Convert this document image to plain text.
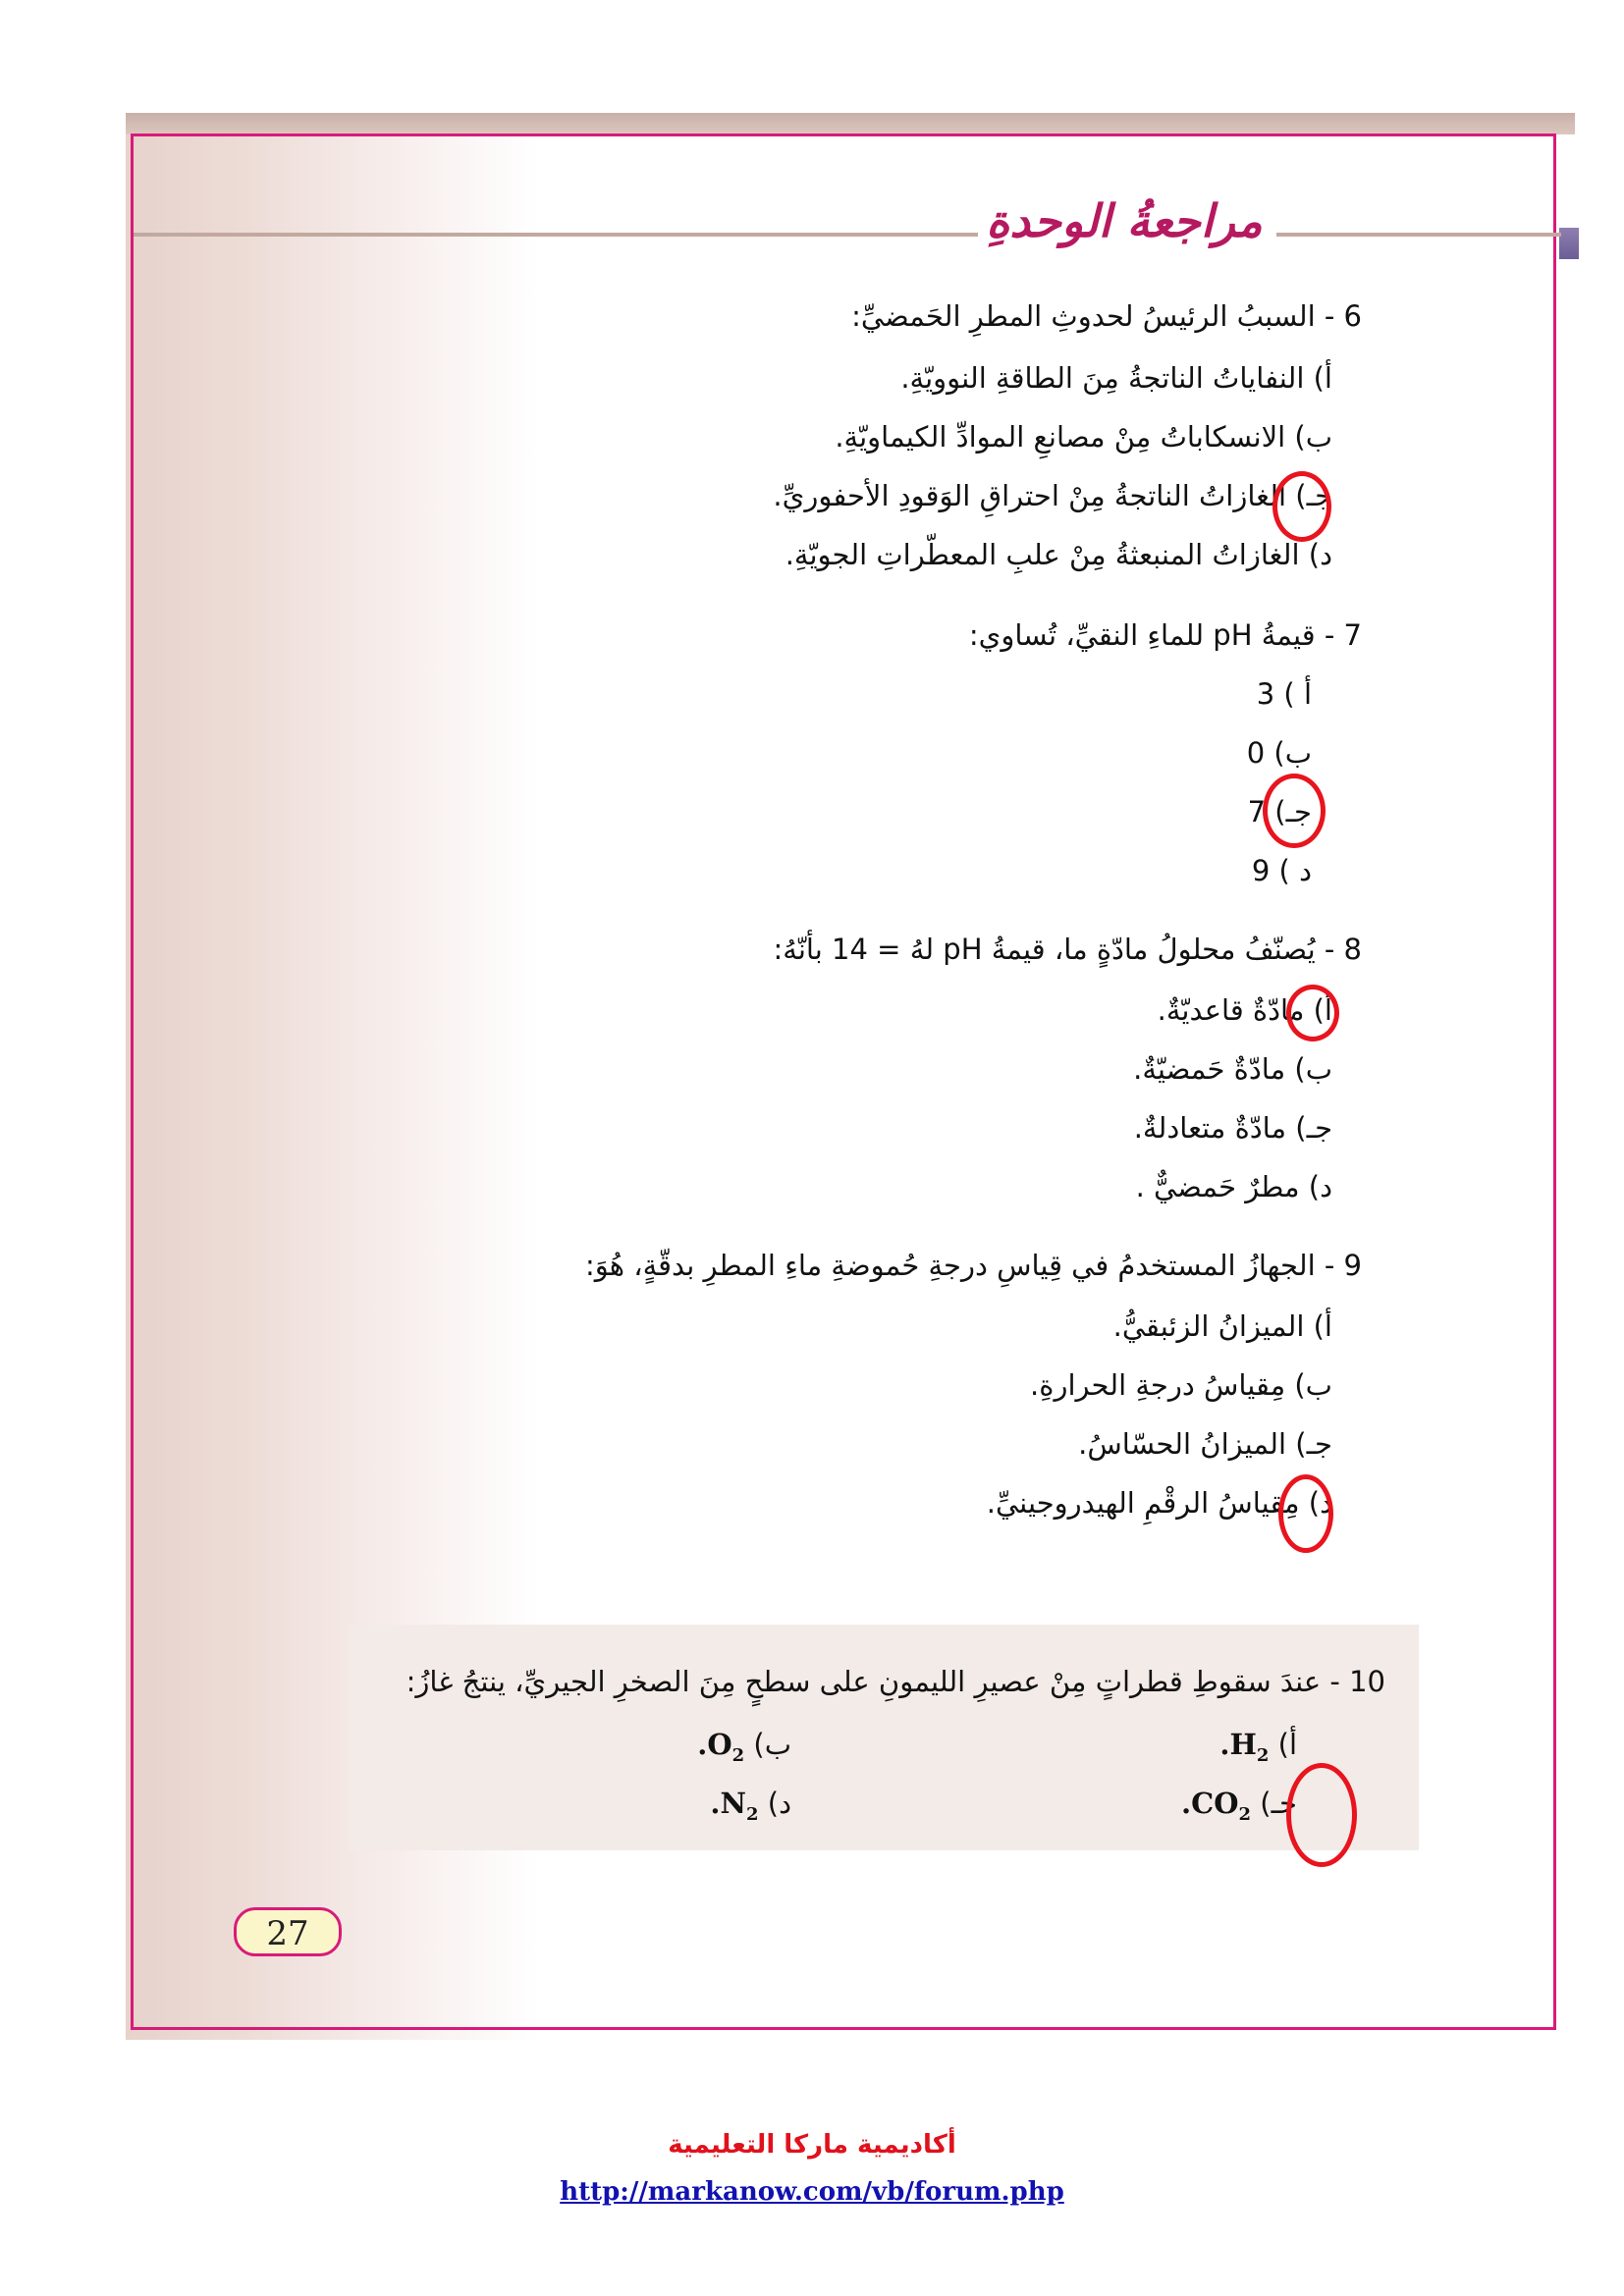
مراجعةُ الوحدةِ
6 - السببُ الرئيسُ لحدوثِ المطرِ الحَمضيِّ:
أ) النفاياتُ الناتجةُ مِنَ الطاقةِ النوويّةِ.
ب) الانسكاباتُ مِنْ مصانعِ الموادِّ الكيماويّةِ.
جـ) الغازاتُ الناتجةُ مِنْ احتراقِ الوَقودِ الأحفوريِّ.
د) الغازاتُ المنبعثةُ مِنْ علبِ المعطّراتِ الجويّةِ.
7 - قيمةُ pH للماءِ النقيِّ، تُساوي:
أ ) 3
ب) 0
جـ) 7
د ) 9
8 - يُصنّفُ محلولُ مادّةٍ ما، قيمةُ pH لهُ = 14 بأنّهُ:
أ) مادّةٌ قاعديّةٌ.
ب) مادّةٌ حَمضيّةٌ.
جـ) مادّةٌ متعادلةٌ.
د) مطرٌ حَمضيٌّ .
9 - الجهازُ المستخدمُ في قِياسِ درجةِ حُموضةِ ماءِ المطرِ بدقّةٍ، هُوَ:
أ) الميزانُ الزئبقيُّ.
ب) مِقياسُ درجةِ الحرارةِ.
جـ) الميزانُ الحسّاسُ.
د) مِقياسُ الرقْمِ الهيدروجينيِّ.
10 - عندَ سقوطِ قطراتٍ مِنْ عصيرِ الليمونِ على سطحٍ مِنَ الصخرِ الجيريِّ، ينتجُ غازُ:
أ) $H_2$.
ب) $O_2$.
جـ) $CO_2$.
د) $N_2$.
27
أكاديمية ماركا التعليمية
http://markanow.com/vb/forum.php
